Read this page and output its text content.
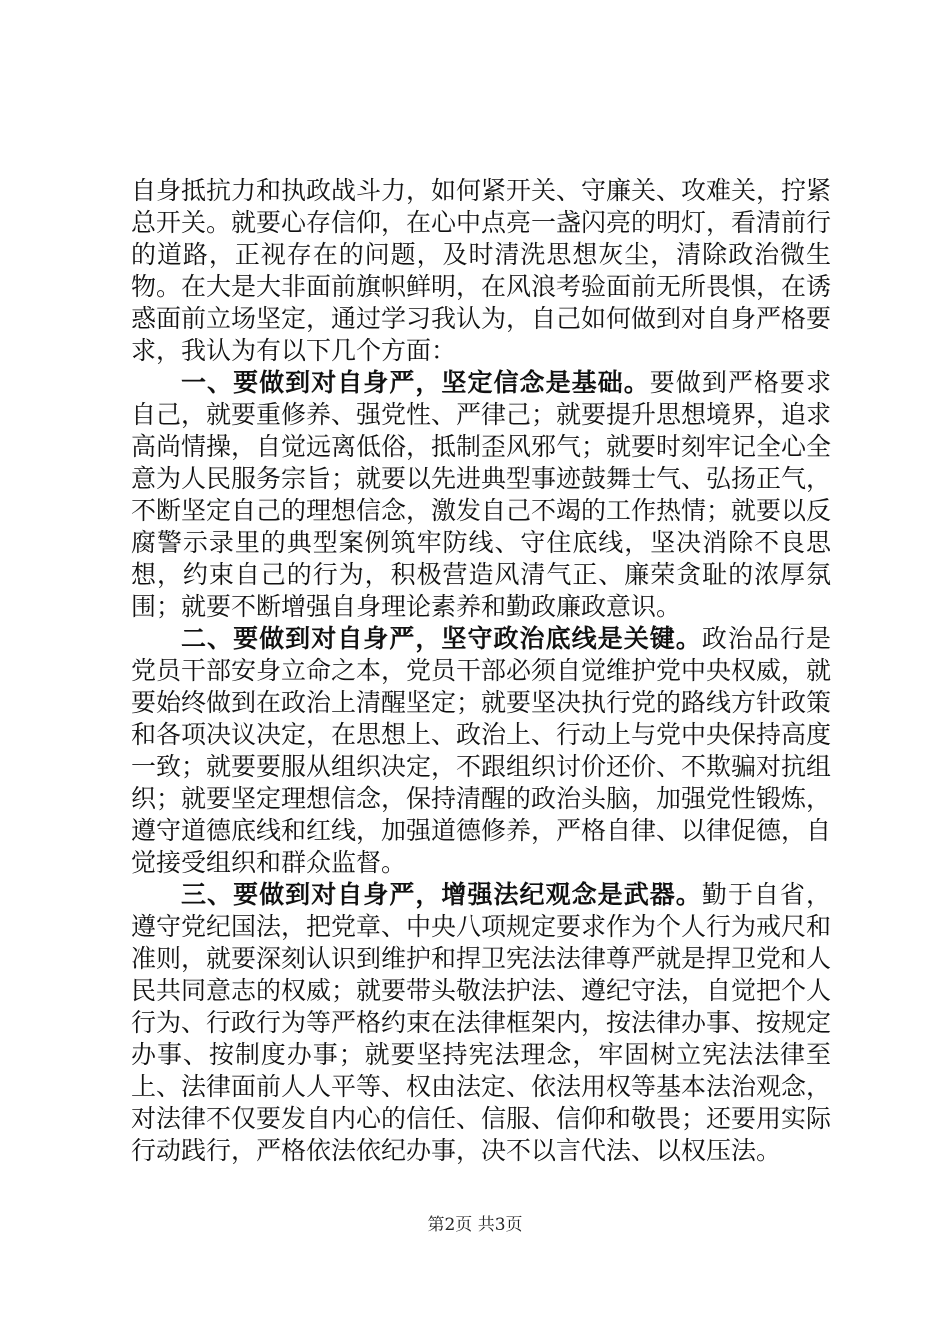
自身抵抗力和执政战斗力，如何紧开关、守廉关、攻难关，拧紧总开关。就要心存信仰，在心中点亮一盏闪亮的明灯，看清前行的道路，正视存在的问题，及时清洗思想灰尘，清除政治微生物。在大是大非面前旗帜鲜明，在风浪考验面前无所畏惧，在诱惑面前立场坚定，通过学习我认为，自己如何做到对自身严格要求，我认为有以下几个方面：

一、要做到对自身严，坚定信念是基础。要做到严格要求自己，就要重修养、强党性、严律己；就要提升思想境界，追求高尚情操，自觉远离低俗，抵制歪风邪气；就要时刻牢记全心全意为人民服务宗旨；就要以先进典型事迹鼓舞士气、弘扬正气，不断坚定自己的理想信念，激发自己不竭的工作热情；就要以反腐警示录里的典型案例筑牢防线、守住底线，坚决消除不良思想，约束自己的行为，积极营造风清气正、廉荣贪耻的浓厚氛围；就要不断增强自身理论素养和勤政廉政意识。

二、要做到对自身严，坚守政治底线是关键。政治品行是党员干部安身立命之本，党员干部必须自觉维护党中央权威，就要始终做到在政治上清醒坚定；就要坚决执行党的路线方针政策和各项决议决定，在思想上、政治上、行动上与党中央保持高度一致；就要要服从组织决定，不跟组织讨价还价、不欺骗对抗组织；就要坚定理想信念，保持清醒的政治头脑，加强党性锻炼，遵守道德底线和红线，加强道德修养，严格自律、以律促德，自觉接受组织和群众监督。

三、要做到对自身严，增强法纪观念是武器。勤于自省，遵守党纪国法，把党章、中央八项规定要求作为个人行为戒尺和准则，就要深刻认识到维护和捍卫宪法法律尊严就是捍卫党和人民共同意志的权威；就要带头敬法护法、遵纪守法，自觉把个人行为、行政行为等严格约束在法律框架内，按法律办事、按规定办事、按制度办事；就要坚持宪法理念，牢固树立宪法法律至上、法律面前人人平等、权由法定、依法用权等基本法治观念，对法律不仅要发自内心的信任、信服、信仰和敬畏；还要用实际行动践行，严格依法依纪办事，决不以言代法、以权压法。

第2页 共3页
